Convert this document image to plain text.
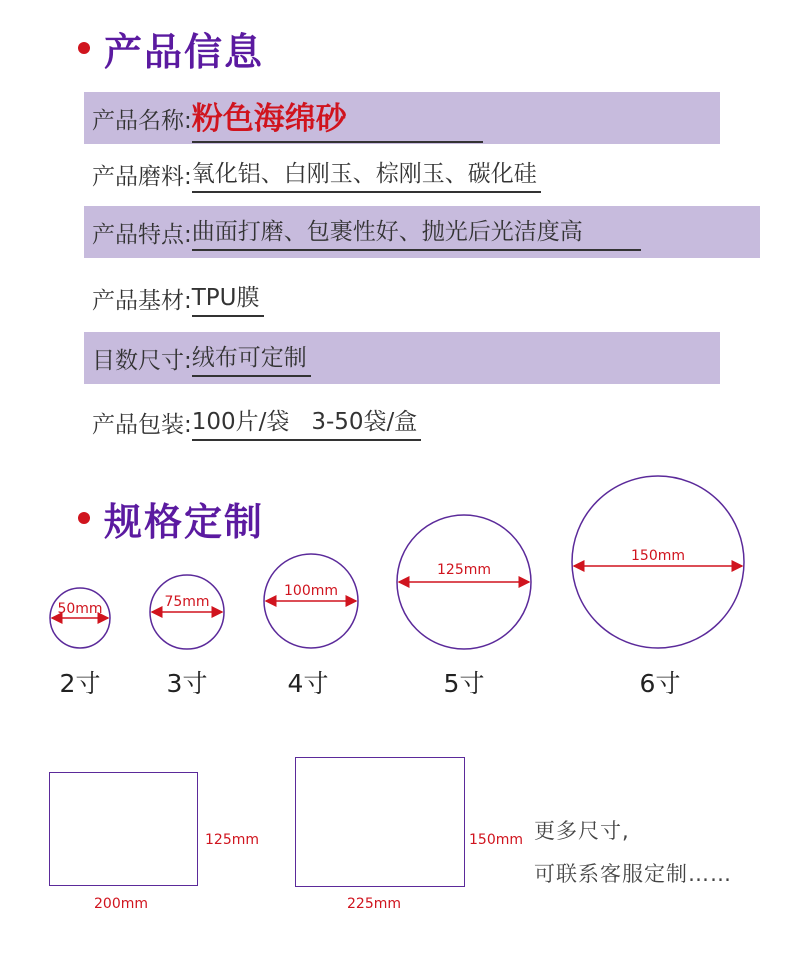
产品信息
产品名称: 粉色海绵砂
产品磨料: 氧化铝、白刚玉、棕刚玉、碳化硅
产品特点: 曲面打磨、包裹性好、抛光后光洁度高
产品基材: TPU膜
目数尺寸: 绒布可定制
产品包装: 100片/袋   3-50袋/盒
规格定制
50mm	75mm
100mm
125mm
150mm
2寸	3寸	4寸	5寸	6寸
125mm
200mm
150mm
225mm
更多尺寸,
可联系客服定制……
